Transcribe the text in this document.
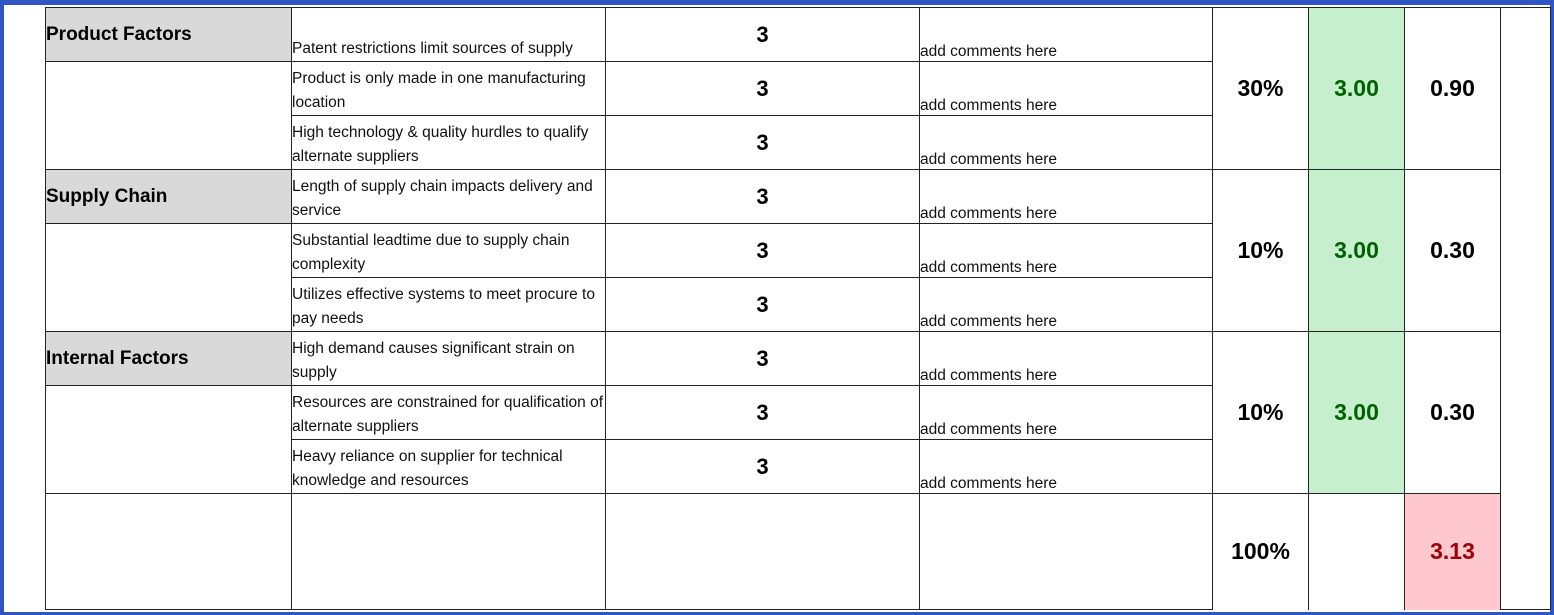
Product Factors	Patent restrictions limit sources of supply	3	add comments here	30%	3.00	0.90	
	Product is only made in one manufacturing location	3	add comments here				
	High technology & quality hurdles to qualify alternate suppliers	3	add comments here				
Supply Chain	Length of supply chain impacts delivery and service	3	add comments here	10%	3.00	0.30	
	Substantial leadtime due to supply chain complexity	3	add comments here				
	Utilizes effective systems to meet procure to pay needs	3	add comments here				
Internal Factors	High demand causes significant strain on supply	3	add comments here	10%	3.00	0.30	
	Resources are constrained for qualification of alternate suppliers	3	add comments here				
	Heavy reliance on supplier for technical knowledge and resources	3	add comments here				
				100%		3.13	
